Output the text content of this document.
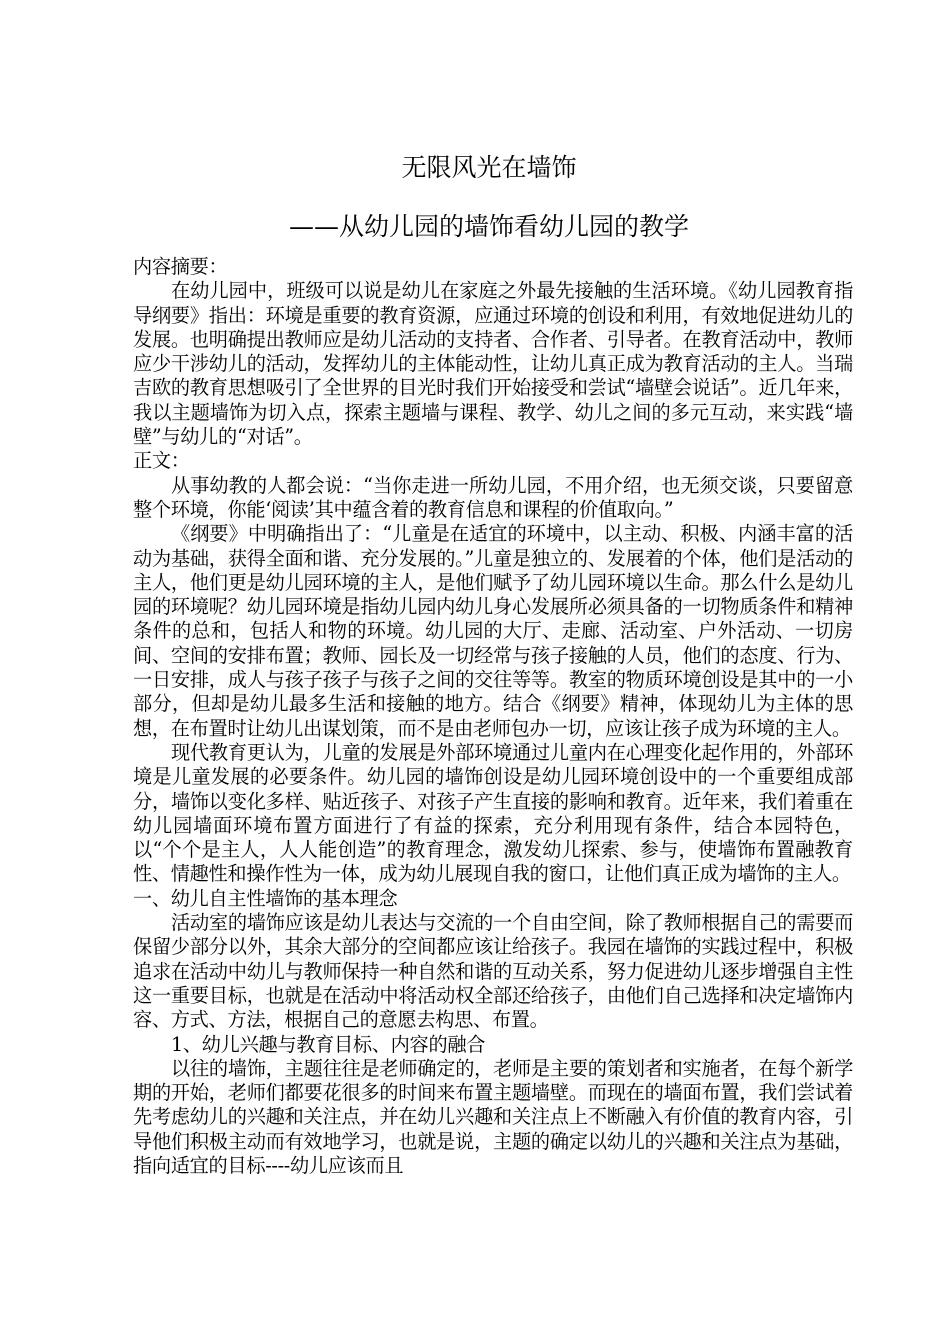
无限风光在墙饰
——从幼儿园的墙饰看幼儿园的教学

内容摘要：

在幼儿园中，班级可以说是幼儿在家庭之外最先接触的生活环境。《幼儿园教育指导纲要》指出：环境是重要的教育资源，应通过环境的创设和利用，有效地促进幼儿的发展。也明确提出教师应是幼儿活动的支持者、合作者、引导者。在教育活动中，教师应少干涉幼儿的活动，发挥幼儿的主体能动性，让幼儿真正成为教育活动的主人。当瑞吉欧的教育思想吸引了全世界的目光时我们开始接受和尝试“墙壁会说话”。近几年来，我以主题墙饰为切入点，探索主题墙与课程、教学、幼儿之间的多元互动，来实践“墙壁”与幼儿的“对话”。

正文：

从事幼教的人都会说：“当你走进一所幼儿园，不用介绍，也无须交谈，只要留意整个环境，你能‘阅读’其中蕴含着的教育信息和课程的价值取向。”

《纲要》中明确指出了：“儿童是在适宜的环境中，以主动、积极、内涵丰富的活动为基础，获得全面和谐、充分发展的。”儿童是独立的、发展着的个体，他们是活动的主人，他们更是幼儿园环境的主人，是他们赋予了幼儿园环境以生命。那么什么是幼儿园的环境呢？幼儿园环境是指幼儿园内幼儿身心发展所必须具备的一切物质条件和精神条件的总和，包括人和物的环境。幼儿园的大厅、走廊、活动室、户外活动、一切房间、空间的安排布置；教师、园长及一切经常与孩子接触的人员，他们的态度、行为、一日安排，成人与孩子孩子与孩子之间的交往等等。教室的物质环境创设是其中的一小部分，但却是幼儿最多生活和接触的地方。结合《纲要》精神，体现幼儿为主体的思想，在布置时让幼儿出谋划策，而不是由老师包办一切，应该让孩子成为环境的主人。

现代教育更认为，儿童的发展是外部环境通过儿童内在心理变化起作用的，外部环境是儿童发展的必要条件。幼儿园的墙饰创设是幼儿园环境创设中的一个重要组成部分，墙饰以变化多样、贴近孩子、对孩子产生直接的影响和教育。近年来，我们着重在幼儿园墙面环境布置方面进行了有益的探索，充分利用现有条件，结合本园特色，以“个个是主人，人人能创造”的教育理念，激发幼儿探索、参与，使墙饰布置融教育性、情趣性和操作性为一体，成为幼儿展现自我的窗口，让他们真正成为墙饰的主人。

一、幼儿自主性墙饰的基本理念

活动室的墙饰应该是幼儿表达与交流的一个自由空间，除了教师根据自己的需要而保留少部分以外，其余大部分的空间都应该让给孩子。我园在墙饰的实践过程中，积极追求在活动中幼儿与教师保持一种自然和谐的互动关系，努力促进幼儿逐步增强自主性这一重要目标，也就是在活动中将活动权全部还给孩子，由他们自己选择和决定墙饰内容、方式、方法，根据自己的意愿去构思、布置。

1、幼儿兴趣与教育目标、内容的融合

以往的墙饰，主题往往是老师确定的，老师是主要的策划者和实施者，在每个新学期的开始，老师们都要花很多的时间来布置主题墙壁。而现在的墙面布置，我们尝试着先考虑幼儿的兴趣和关注点，并在幼儿兴趣和关注点上不断融入有价值的教育内容，引导他们积极主动而有效地学习，也就是说，主题的确定以幼儿的兴趣和关注点为基础，指向适宜的目标----幼儿应该而且
